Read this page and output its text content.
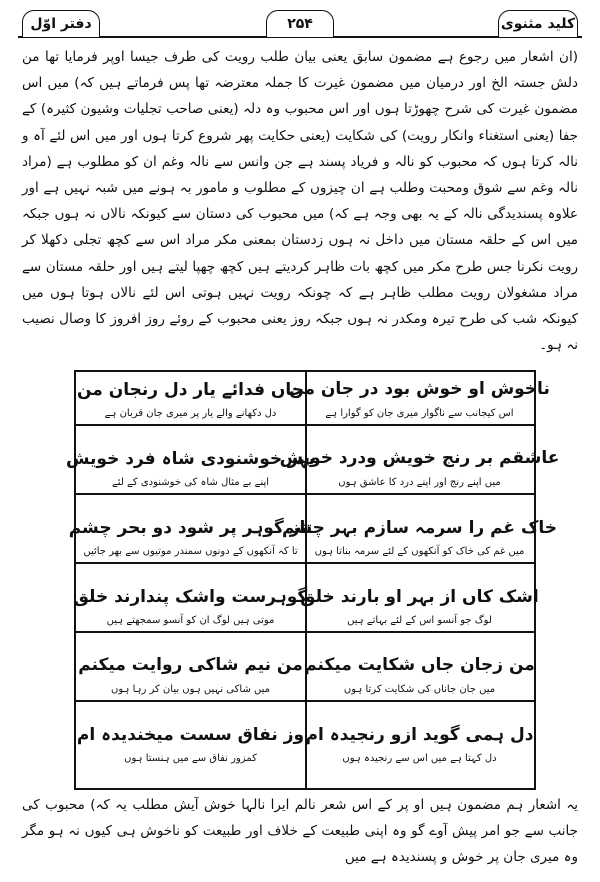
کلید مثنوی
۲۵۴
دفتر اوّل
(ان اشعار میں رجوع ہے مضمون سابق یعنی بیان طلب رویت کی طرف جیسا اوپر فرمایا تھا من دلش جستہ الخ اور درمیان میں مضمون غیرت کا جملہ معترضہ تھا پس فرماتے ہیں کہ) میں اس مضمون غیرت کی شرح چھوڑتا ہوں اور اس محبوب وہ دلہ (یعنی صاحب تجلیات وشیون کثیرہ) کے جفا (یعنی استغناء وانکار رویت) کی شکایت (یعنی حکایت پھر شروع کرتا ہوں اور میں اس لئے آہ و نالہ کرتا ہوں کہ محبوب کو نالہ و فریاد پسند ہے جن وانس سے نالہ وغم ان کو مطلوب ہے (مراد نالہ وغم سے شوق ومحبت وطلب ہے ان چیزوں کے مطلوب و مامور بہ ہونے میں شبہ نہیں ہے اور علاوہ پسندیدگی نالہ کے یہ بھی وجہ ہے کہ) میں محبوب کی دستان سے کیونکہ نالاں نہ ہوں جبکہ میں اس کے حلقہ مستان میں داخل نہ ہوں زدستان بمعنی مکر مراد اس سے کچھ تجلی دکھلا کر رویت نکرنا جس طرح مکر میں کچھ بات ظاہر کردیتے ہیں کچھ چھپا لیتے ہیں اور حلقہ مستان سے مراد مشغولان رویت مطلب ظاہر ہے کہ چونکہ رویت نہیں ہوتی اس لئے نالاں ہوتا ہوں میں کیونکہ شب کی طرح تیرہ ومکدر نہ ہوں جبکہ روز یعنی محبوب کے روئے روز افروز کا وصال نصیب نہ ہو۔
ناخوش او خوش بود در جان من
اس کیجانب سے ناگوار میری جان کو گوارا ہے
جاں فدائے یار دل رنجان من
دل دکھانے والے یار پر میری جان قربان ہے
عاشقم بر رنج خویش ودرد خویش
میں اپنے رنج اور اپنے درد کا عاشق ہوں
بہر خوشنودی شاہ فرد خویش
اپنے بے مثال شاہ کی خوشنودی کے لئے
خاک غم را سرمہ سازم بہر چشم
میں غم کی خاک کو آنکھوں کے لئے سرمہ بناتا ہوں
تاز گوہر پر شود دو بحر چشم
تا کہ آنکھوں کے دونوں سمندر موتیوں سے بھر جائیں
اشک کاں از بہر او بارند خلق
لوگ جو آنسو اس کے لئے بہاتے ہیں
گوہرست واشک پندارند خلق
موتی ہیں لوگ ان کو آنسو سمجھتے ہیں
من زجان جاں شکایت میکنم
میں جان جاناں کی شکایت کرتا ہوں
من نیم شاکی روایت میکنم
میں شاکی نہیں ہوں بیان کر رہا ہوں
دل ہمی گوید ازو رنجیدہ ام
دل کہتا ہے میں اس سے رنجیدہ ہوں
وز نفاق سست میخندیدہ ام
کمزور نفاق سے میں ہنستا ہوں
یہ اشعار ہم مضمون ہیں او پر کے اس شعر نالم ایرا نالہا خوش آیش مطلب یہ کہ) محبوب کی جانب سے جو امر پیش آوے گو وہ اپنی طبیعت کے خلاف اور طبیعت کو ناخوش ہی کیوں نہ ہو مگر وہ میری جان پر خوش و پسندیدہ ہے میں
